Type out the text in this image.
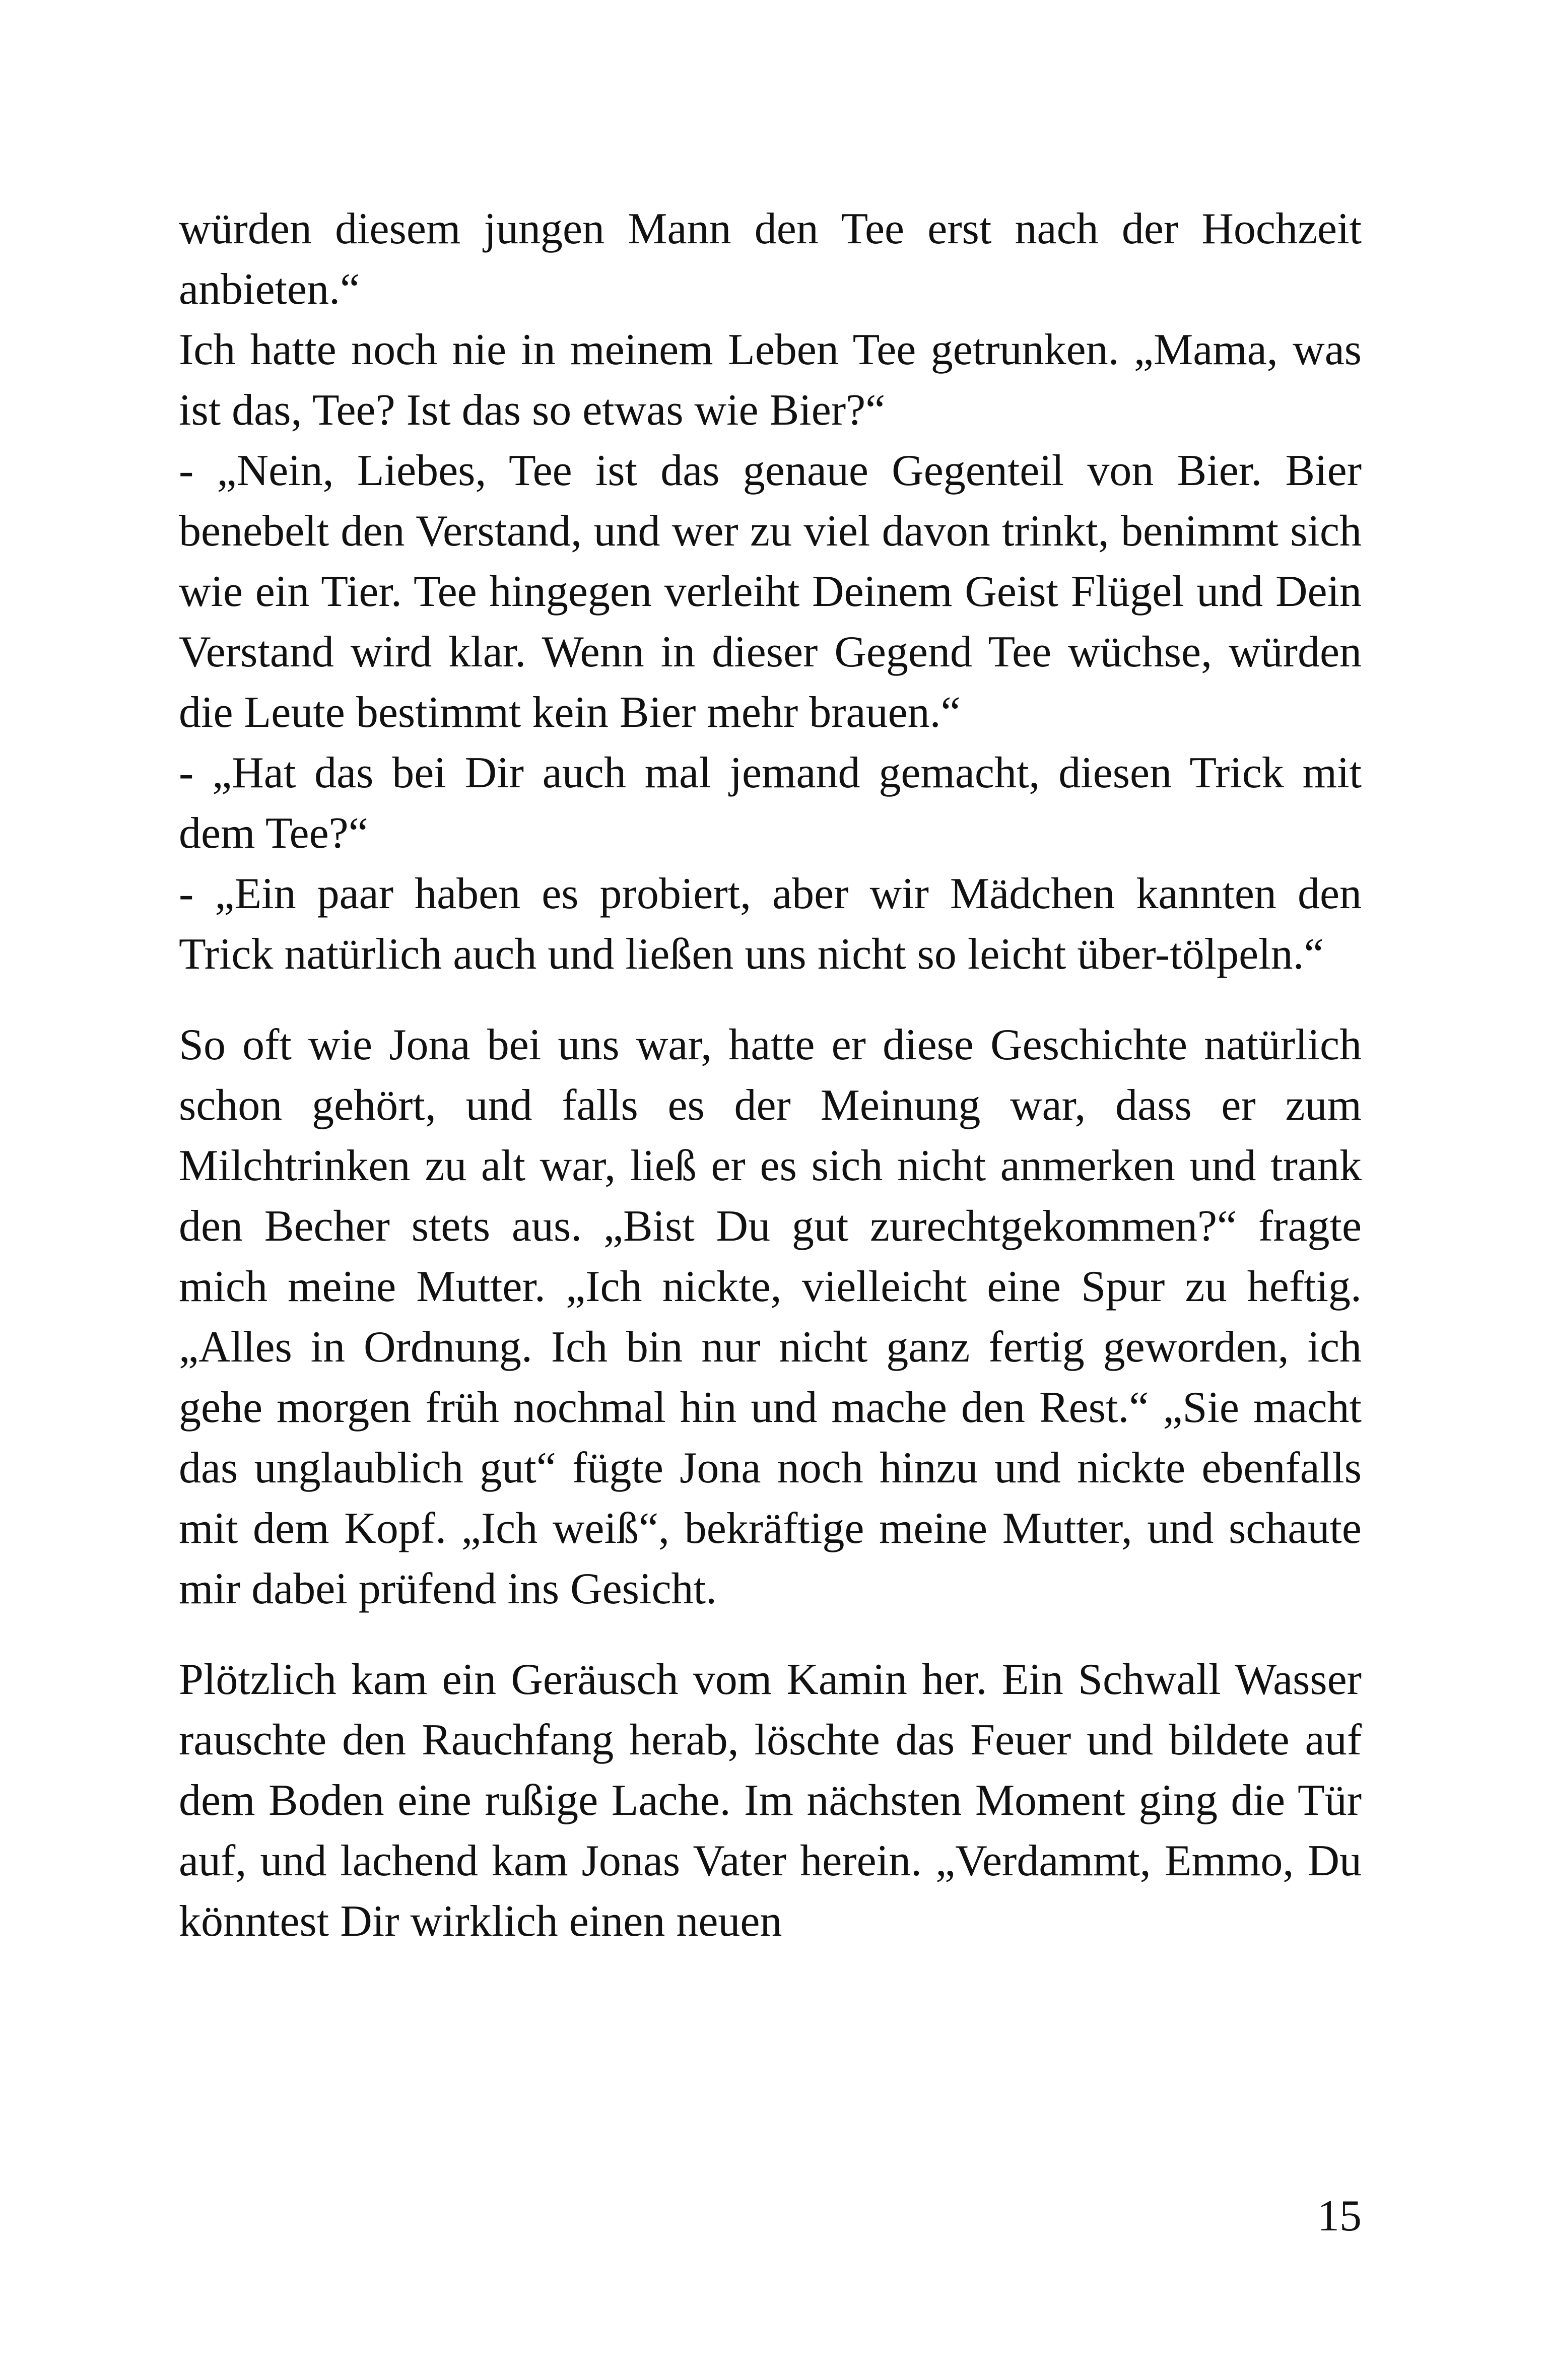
würden diesem jungen Mann den Tee erst nach der Hochzeit anbieten.“

Ich hatte noch nie in meinem Leben Tee getrunken. „Mama, was ist das, Tee? Ist das so etwas wie Bier?“

- „Nein, Liebes, Tee ist das genaue Gegenteil von Bier. Bier benebelt den Verstand, und wer zu viel davon trinkt, benimmt sich wie ein Tier. Tee hingegen verleiht Deinem Geist Flügel und Dein Verstand wird klar. Wenn in dieser Gegend Tee wüchse, würden die Leute bestimmt kein Bier mehr brauen.“

- „Hat das bei Dir auch mal jemand gemacht, diesen Trick mit dem Tee?“

- „Ein paar haben es probiert, aber wir Mädchen kannten den Trick natürlich auch und ließen uns nicht so leicht über-tölpeln.“

So oft wie Jona bei uns war, hatte er diese Geschichte natürlich schon gehört, und falls es der Meinung war, dass er zum Milchtrinken zu alt war, ließ er es sich nicht anmerken und trank den Becher stets aus. „Bist Du gut zurechtgekommen?“ fragte mich meine Mutter. „Ich nickte, vielleicht eine Spur zu heftig. „Alles in Ordnung. Ich bin nur nicht ganz fertig geworden, ich gehe morgen früh nochmal hin und mache den Rest.“ „Sie macht das unglaublich gut“ fügte Jona noch hinzu und nickte ebenfalls mit dem Kopf. „Ich weiß“, bekräftige meine Mutter, und schaute mir dabei prüfend ins Gesicht.

Plötzlich kam ein Geräusch vom Kamin her. Ein Schwall Wasser rauschte den Rauchfang herab, löschte das Feuer und bildete auf dem Boden eine rußige Lache. Im nächsten Moment ging die Tür auf, und lachend kam Jonas Vater herein. „Verdammt, Emmo, Du könntest Dir wirklich einen neuen

15
